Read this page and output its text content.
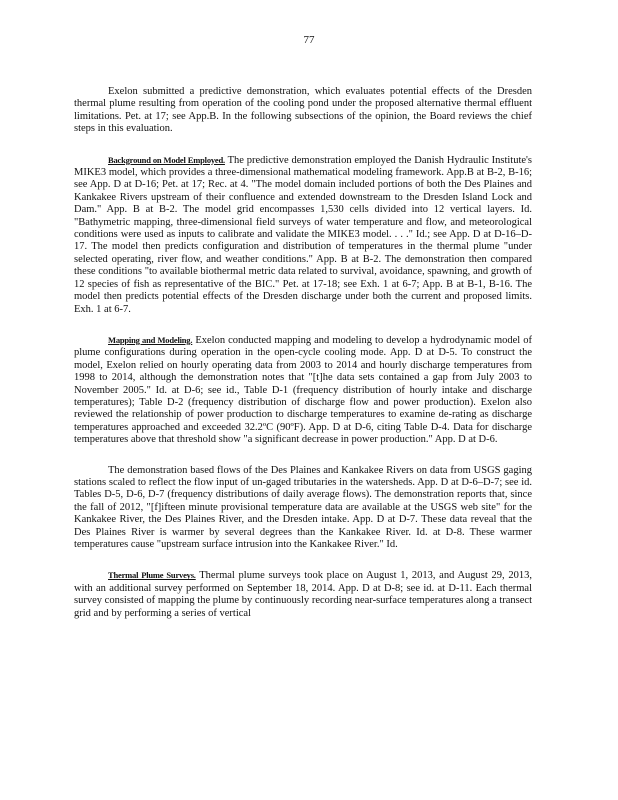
77

Exelon submitted a predictive demonstration, which evaluates potential effects of the Dresden thermal plume resulting from operation of the cooling pond under the proposed alternative thermal effluent limitations. Pet. at 17; see App.B. In the following subsections of the opinion, the Board reviews the chief steps in this evaluation.

Background on Model Employed. The predictive demonstration employed the Danish Hydraulic Institute's MIKE3 model, which provides a three-dimensional mathematical modeling framework. App.B at B-2, B-16; see App. D at D-16; Pet. at 17; Rec. at 4. "The model domain included portions of both the Des Plaines and Kankakee Rivers upstream of their confluence and extended downstream to the Dresden Island Lock and Dam." App. B at B-2. The model grid encompasses 1,530 cells divided into 12 vertical layers. Id. "Bathymetric mapping, three-dimensional field surveys of water temperature and flow, and meteorological conditions were used as inputs to calibrate and validate the MIKE3 model. . . ." Id.; see App. D at D-16–D-17. The model then predicts configuration and distribution of temperatures in the thermal plume "under selected operating, river flow, and weather conditions." App. B at B-2. The demonstration then compared these conditions "to available biothermal metric data related to survival, avoidance, spawning, and growth of 12 species of fish as representative of the BIC." Pet. at 17-18; see Exh. 1 at 6-7; App. B at B-1, B-16. The model then predicts potential effects of the Dresden discharge under both the current and proposed limits. Exh. 1 at 6-7.

Mapping and Modeling. Exelon conducted mapping and modeling to develop a hydrodynamic model of plume configurations during operation in the open-cycle cooling mode. App. D at D-5. To construct the model, Exelon relied on hourly operating data from 2003 to 2014 and hourly discharge temperatures from 1998 to 2014, although the demonstration notes that "[t]he data sets contained a gap from July 2003 to November 2005." Id. at D-6; see id., Table D-1 (frequency distribution of hourly intake and discharge temperatures); Table D-2 (frequency distribution of discharge flow and power production). Exelon also reviewed the relationship of power production to discharge temperatures to examine de-rating as discharge temperatures approached and exceeded 32.2ºC (90ºF). App. D at D-6, citing Table D-4. Data for discharge temperatures above that threshold show "a significant decrease in power production." App. D at D-6.

The demonstration based flows of the Des Plaines and Kankakee Rivers on data from USGS gaging stations scaled to reflect the flow input of un-gaged tributaries in the watersheds. App. D at D-6–D-7; see id. Tables D-5, D-6, D-7 (frequency distributions of daily average flows). The demonstration reports that, since the fall of 2012, "[f]ifteen minute provisional temperature data are available at the USGS web site" for the Kankakee River, the Des Plaines River, and the Dresden intake. App. D at D-7. These data reveal that the Des Plaines River is warmer by several degrees than the Kankakee River. Id. at D-8. These warmer temperatures cause "upstream surface intrusion into the Kankakee River." Id.

Thermal Plume Surveys. Thermal plume surveys took place on August 1, 2013, and August 29, 2013, with an additional survey performed on September 18, 2014. App. D at D-8; see id. at D-11. Each thermal survey consisted of mapping the plume by continuously recording near-surface temperatures along a transect grid and by performing a series of vertical
